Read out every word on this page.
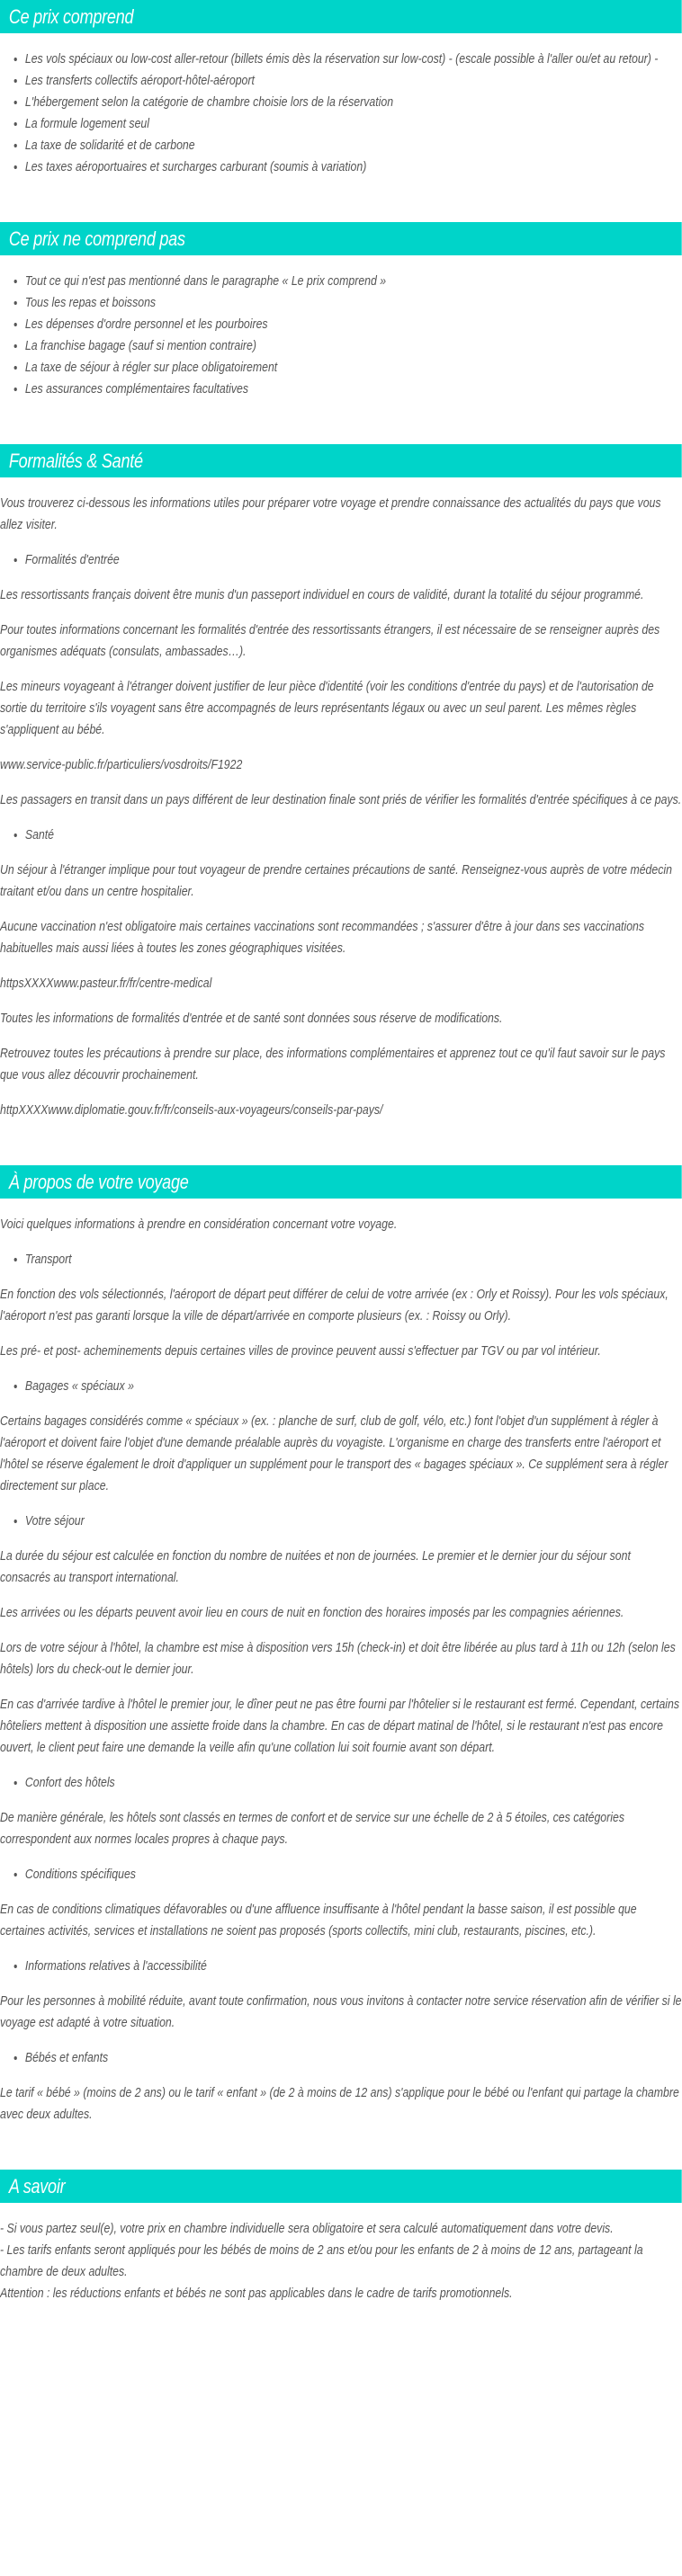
Ce prix comprend
• Les vols spéciaux ou low-cost aller-retour (billets émis dès la réservation sur low-cost) - (escale possible à l'aller ou/et au retour) -
• Les transferts collectifs aéroport-hôtel-aéroport
• L'hébergement selon la catégorie de chambre choisie lors de la réservation
• La formule logement seul
• La taxe de solidarité et de carbone
• Les taxes aéroportuaires et surcharges carburant (soumis à variation)
Ce prix ne comprend pas
• Tout ce qui n'est pas mentionné dans le paragraphe « Le prix comprend »
• Tous les repas et boissons
• Les dépenses d'ordre personnel et les pourboires
• La franchise bagage (sauf si mention contraire)
• La taxe de séjour à régler sur place obligatoirement
• Les assurances complémentaires facultatives
Formalités & Santé

Vous trouverez ci-dessous les informations utiles pour préparer votre voyage et prendre connaissance des actualités du pays que vous allez visiter.

• Formalités d'entrée

Les ressortissants français doivent être munis d'un passeport individuel en cours de validité, durant la totalité du séjour programmé.

Pour toutes informations concernant les formalités d'entrée des ressortissants étrangers, il est nécessaire de se renseigner auprès des organismes adéquats (consulats, ambassades…).

Les mineurs voyageant à l'étranger doivent justifier de leur pièce d'identité (voir les conditions d'entrée du pays) et de l'autorisation de sortie du territoire s'ils voyagent sans être accompagnés de leurs représentants légaux ou avec un seul parent. Les mêmes règles s'appliquent au bébé.

www.service-public.fr/particuliers/vosdroits/F1922

Les passagers en transit dans un pays différent de leur destination finale sont priés de vérifier les formalités d'entrée spécifiques à ce pays.

• Santé

Un séjour à l'étranger implique pour tout voyageur de prendre certaines précautions de santé. Renseignez-vous auprès de votre médecin traitant et/ou dans un centre hospitalier.

Aucune vaccination n'est obligatoire mais certaines vaccinations sont recommandées ; s'assurer d'être à jour dans ses vaccinations habituelles mais aussi liées à toutes les zones géographiques visitées.

httpsXXXXwww.pasteur.fr/fr/centre-medical

Toutes les informations de formalités d'entrée et de santé sont données sous réserve de modifications.

Retrouvez toutes les précautions à prendre sur place, des informations complémentaires et apprenez tout ce qu'il faut savoir sur le pays que vous allez découvrir prochainement.

httpXXXXwww.diplomatie.gouv.fr/fr/conseils-aux-voyageurs/conseils-par-pays/

À propos de votre voyage

Voici quelques informations à prendre en considération concernant votre voyage.

• Transport

En fonction des vols sélectionnés, l'aéroport de départ peut différer de celui de votre arrivée (ex : Orly et Roissy). Pour les vols spéciaux, l'aéroport n'est pas garanti lorsque la ville de départ/arrivée en comporte plusieurs (ex. : Roissy ou Orly).

Les pré- et post- acheminements depuis certaines villes de province peuvent aussi s'effectuer par TGV ou par vol intérieur.

• Bagages « spéciaux »

Certains bagages considérés comme « spéciaux » (ex. : planche de surf, club de golf, vélo, etc.) font l'objet d'un supplément à régler à l'aéroport et doivent faire l'objet d'une demande préalable auprès du voyagiste. L'organisme en charge des transferts entre l'aéroport et l'hôtel se réserve également le droit d'appliquer un supplément pour le transport des « bagages spéciaux ». Ce supplément sera à régler directement sur place.

• Votre séjour

La durée du séjour est calculée en fonction du nombre de nuitées et non de journées. Le premier et le dernier jour du séjour sont consacrés au transport international.

Les arrivées ou les départs peuvent avoir lieu en cours de nuit en fonction des horaires imposés par les compagnies aériennes.

Lors de votre séjour à l'hôtel, la chambre est mise à disposition vers 15h (check-in) et doit être libérée au plus tard à 11h ou 12h (selon les hôtels) lors du check-out le dernier jour.

En cas d'arrivée tardive à l'hôtel le premier jour, le dîner peut ne pas être fourni par l'hôtelier si le restaurant est fermé. Cependant, certains hôteliers mettent à disposition une assiette froide dans la chambre. En cas de départ matinal de l'hôtel, si le restaurant n'est pas encore ouvert, le client peut faire une demande la veille afin qu'une collation lui soit fournie avant son départ.

• Confort des hôtels

De manière générale, les hôtels sont classés en termes de confort et de service sur une échelle de 2 à 5 étoiles, ces catégories correspondent aux normes locales propres à chaque pays.

• Conditions spécifiques

En cas de conditions climatiques défavorables ou d'une affluence insuffisante à l'hôtel pendant la basse saison, il est possible que certaines activités, services et installations ne soient pas proposés (sports collectifs, mini club, restaurants, piscines, etc.).

• Informations relatives à l'accessibilité

Pour les personnes à mobilité réduite, avant toute confirmation, nous vous invitons à contacter notre service réservation afin de vérifier si le voyage est adapté à votre situation.

• Bébés et enfants

Le tarif « bébé » (moins de 2 ans) ou le tarif « enfant » (de 2 à moins de 12 ans) s'applique pour le bébé ou l'enfant qui partage la chambre avec deux adultes.

A savoir

- Si vous partez seul(e), votre prix en chambre individuelle sera obligatoire et sera calculé automatiquement dans votre devis.
- Les tarifs enfants seront appliqués pour les bébés de moins de 2 ans et/ou pour les enfants de 2 à moins de 12 ans, partageant la chambre de deux adultes.
Attention : les réductions enfants et bébés ne sont pas applicables dans le cadre de tarifs promotionnels.
